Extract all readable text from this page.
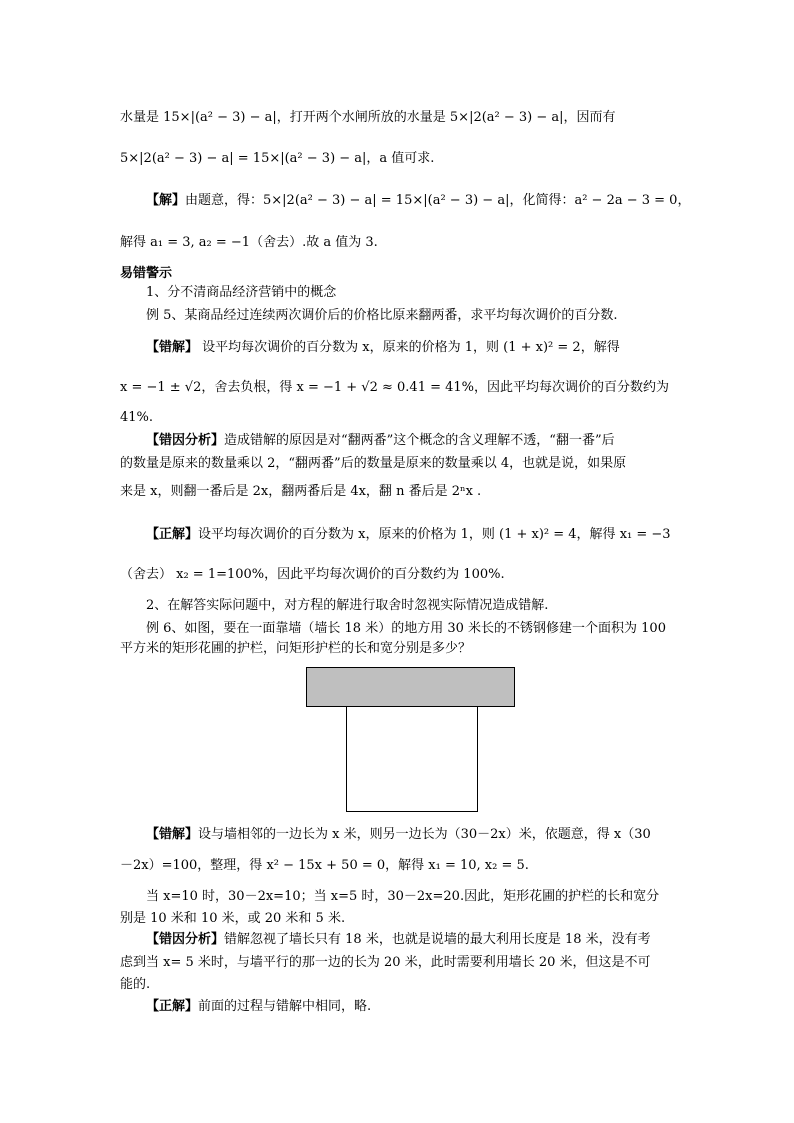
水量是 15×|(a² − 3) − a|，打开两个水闸所放的水量是 5×|2(a² − 3) − a|，因而有
5×|2(a² − 3) − a| = 15×|(a² − 3) − a|，a 值可求.
【解】由题意，得：5×|2(a² − 3) − a| = 15×|(a² − 3) − a|，化简得：a² − 2a − 3 = 0，
解得 a₁ = 3, a₂ = −1（舍去）.故 a 值为 3.
易错警示
1、分不清商品经济营销中的概念
例 5、某商品经过连续两次调价后的价格比原来翻两番，求平均每次调价的百分数.
【错解】 设平均每次调价的百分数为 x，原来的价格为 1，则 (1 + x)² = 2，解得
x = −1 ± √2，舍去负根，得 x = −1 + √2 ≈ 0.41 = 41%，因此平均每次调价的百分数约为
41%.
【错因分析】造成错解的原因是对“翻两番”这个概念的含义理解不透，“翻一番”后
的数量是原来的数量乘以 2，“翻两番”后的数量是原来的数量乘以 4，也就是说，如果原
来是 x，则翻一番后是 2x，翻两番后是 4x，翻 n 番后是 2ⁿx .
【正解】设平均每次调价的百分数为 x，原来的价格为 1，则 (1 + x)² = 4，解得 x₁ = −3
（舍去） x₂ = 1=100%，因此平均每次调价的百分数约为 100%.
2、在解答实际问题中，对方程的解进行取舍时忽视实际情况造成错解.
例 6、如图，要在一面靠墙（墙长 18 米）的地方用 30 米长的不锈钢修建一个面积为 100
平方米的矩形花圃的护栏，问矩形护栏的长和宽分别是多少？
【错解】设与墙相邻的一边长为 x 米，则另一边长为（30－2x）米，依题意，得 x（30
－2x）=100，整理，得 x² − 15x + 50 = 0，解得 x₁ = 10, x₂ = 5.
当 x=10 时，30－2x=10；当 x=5 时，30－2x=20.因此，矩形花圃的护栏的长和宽分
别是 10 米和 10 米，或 20 米和 5 米.
【错因分析】错解忽视了墙长只有 18 米，也就是说墙的最大利用长度是 18 米，没有考
虑到当 x= 5 米时，与墙平行的那一边的长为 20 米，此时需要利用墙长 20 米，但这是不可
能的.
【正解】前面的过程与错解中相同，略.
